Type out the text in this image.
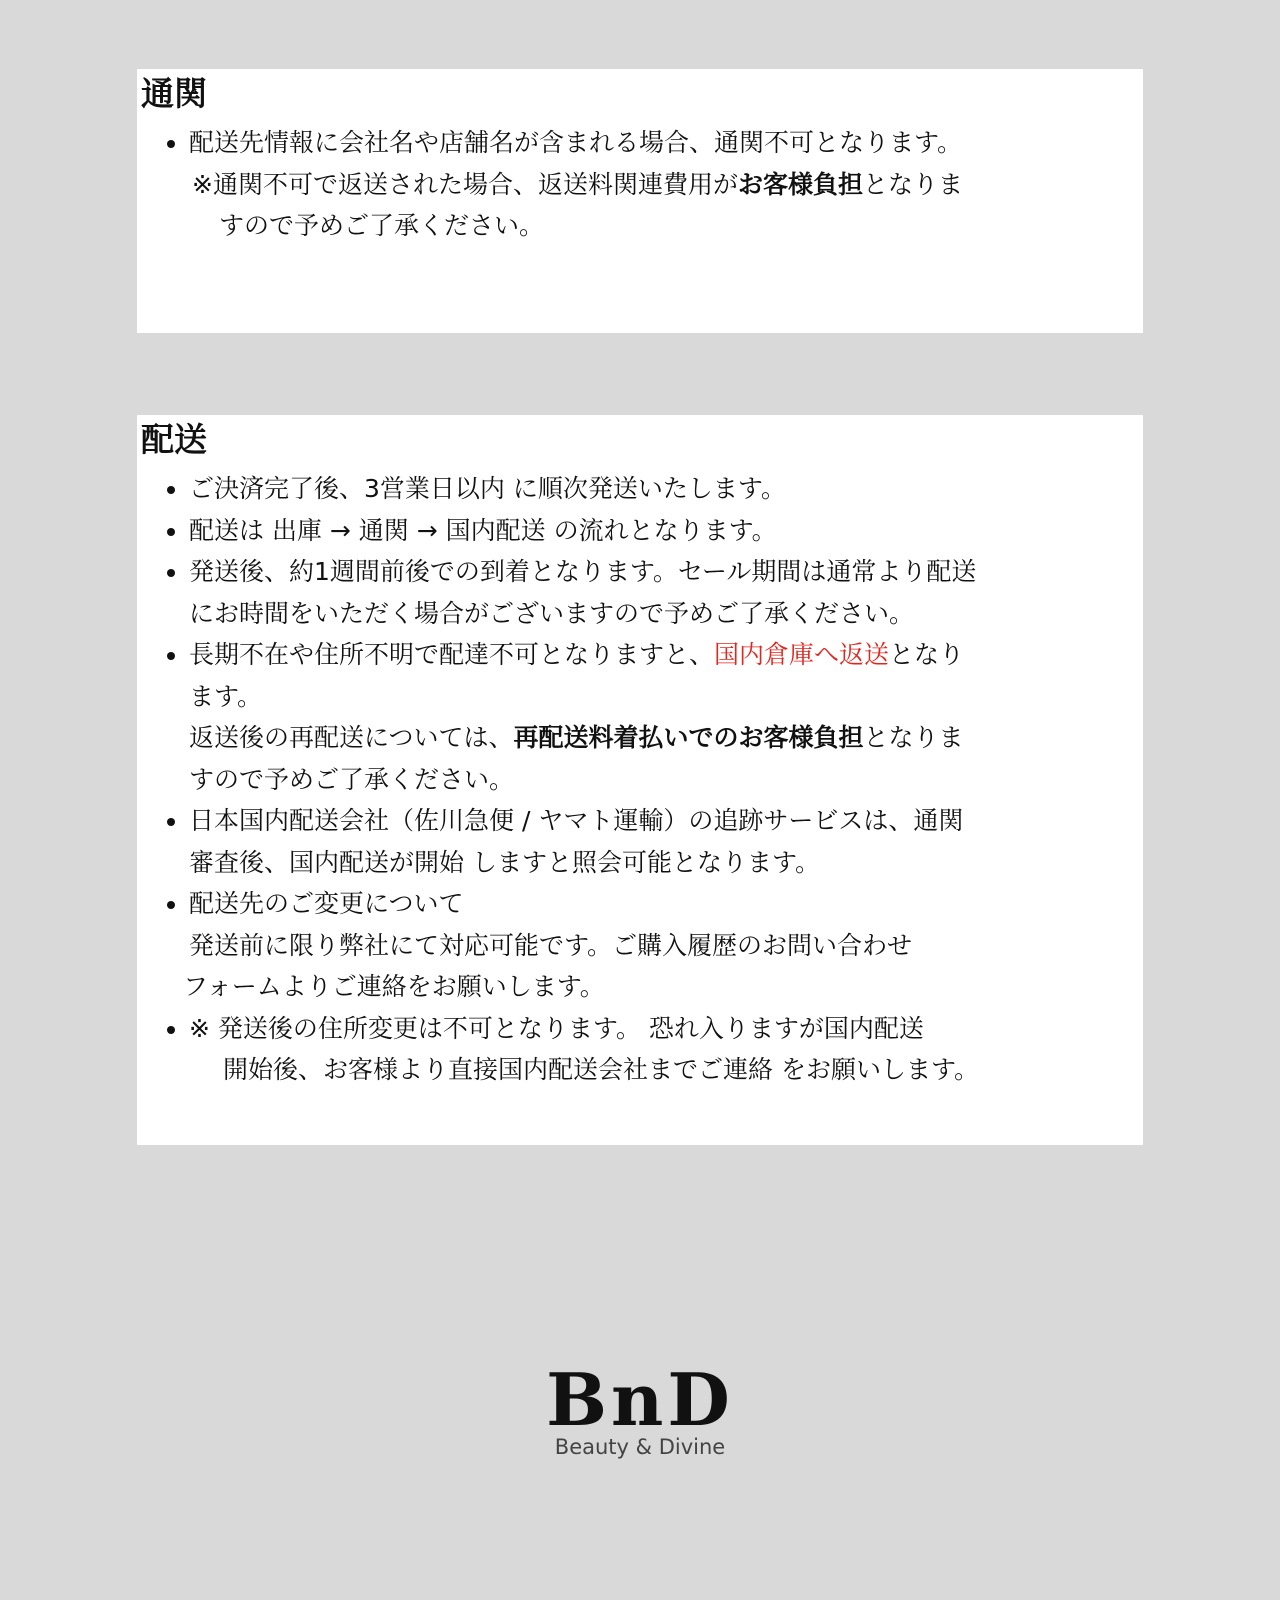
通関
配送先情報に会社名や店舗名が含まれる場合、通関不可となります。
※通関不可で返送された場合、返送料関連費用がお客様負担となりま
すので予めご了承ください。
配送
ご決済完了後、3営業日以内 に順次発送いたします。
配送は 出庫 → 通関 → 国内配送 の流れとなります。
発送後、約1週間前後での到着となります。セール期間は通常より配送
にお時間をいただく場合がございますので予めご了承ください。
長期不在や住所不明で配達不可となりますと、国内倉庫へ返送となり
ます。
返送後の再配送については、再配送料着払いでのお客様負担となりま
すので予めご了承ください。
日本国内配送会社（佐川急便 / ヤマト運輸）の追跡サービスは、通関
審査後、国内配送が開始 しますと照会可能となります。
配送先のご変更について
発送前に限り弊社にて対応可能です。ご購入履歴のお問い合わせ
フォームよりご連絡をお願いします。
※ 発送後の住所変更は不可となります。 恐れ入りますが国内配送
開始後、お客様より直接国内配送会社までご連絡 をお願いします。
BnD
Beauty & Divine
